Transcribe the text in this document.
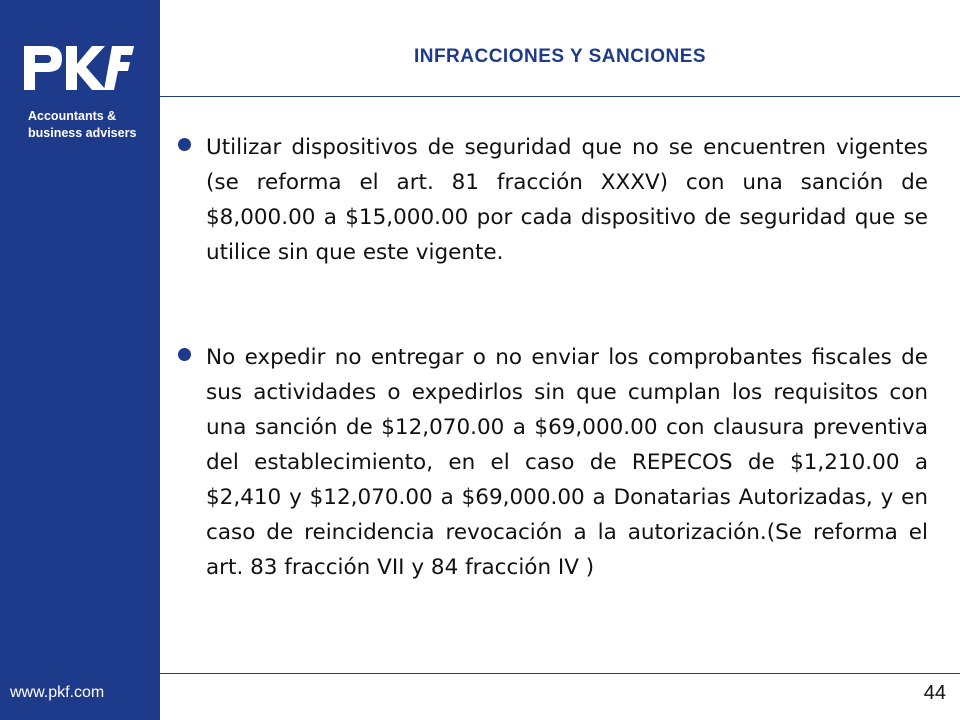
Accountants &
business advisers
www.pkf.com
INFRACCIONES Y SANCIONES
Utilizar dispositivos de seguridad que no se encuentren vigentes (se reforma el art. 81 fracción XXXV) con una sanción de $8,000.00 a $15,000.00 por cada dispositivo de seguridad que se utilice sin que este vigente.
No expedir no entregar o no enviar los comprobantes fiscales de sus actividades o expedirlos sin que cumplan los requisitos con una sanción de $12,070.00 a $69,000.00 con clausura preventiva del establecimiento, en el caso de REPECOS de $1,210.00 a $2,410 y $12,070.00 a $69,000.00 a Donatarias Autorizadas, y en caso de reincidencia revocación a la autorización.(Se reforma el art. 83 fracción VII y 84 fracción IV )
44
